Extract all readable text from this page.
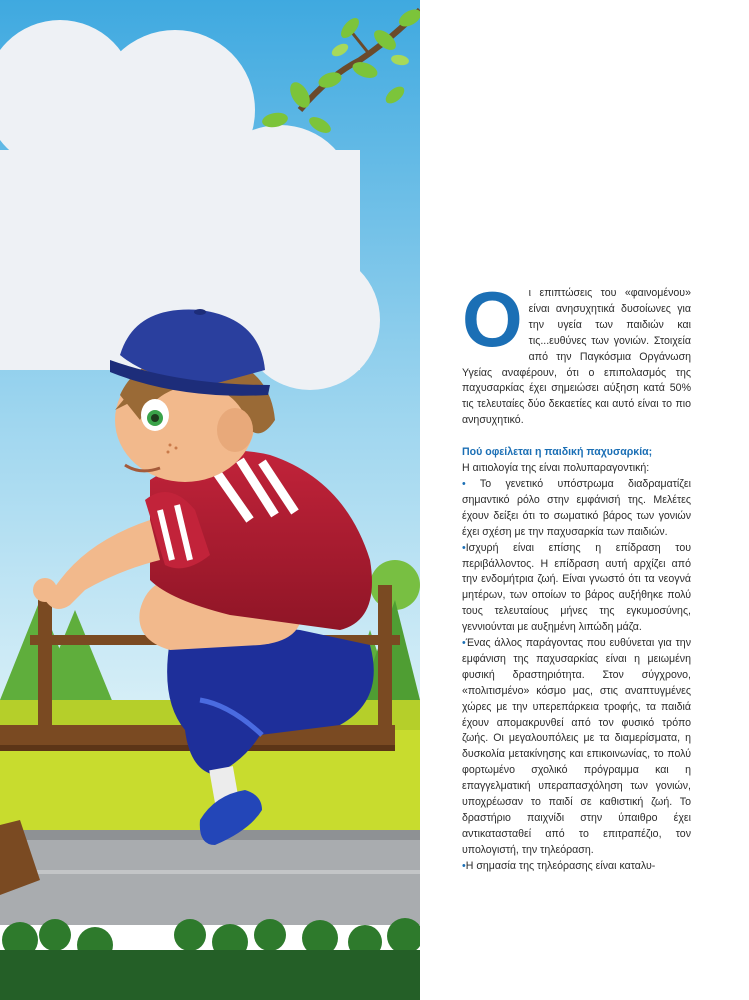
Ο ι επιπτώσεις του «φαινομένου» είναι ανησυχητικά δυσοίωνες για την υγεία των παιδιών και τις...ευθύνες των γονιών. Στοιχεία από την Παγκόσμια Οργάνωση Υγείας αναφέρουν, ότι ο επιπολασμός της παχυσαρκίας έχει σημειώσει αύξηση κατά 50% τις τελευταίες δύο δεκαετίες και αυτό είναι το πιο ανησυχητικό.

Πού οφείλεται η παιδική παχυσαρκία;

Η αιτιολογία της είναι πολυπαραγοντική:

• Το γενετικό υπόστρωμα διαδραματίζει σημαντικό ρόλο στην εμφάνισή της. Μελέτες έχουν δείξει ότι το σωματικό βάρος των γονιών έχει σχέση με την παχυσαρκία των παιδιών.

•Ισχυρή είναι επίσης η επίδραση του περιβάλλοντος. Η επίδραση αυτή αρχίζει από την ενδομήτρια ζωή. Είναι γνωστό ότι τα νεογνά μητέρων, των οποίων το βάρος αυξήθηκε πολύ τους τελευταίους μήνες της εγκυμοσύνης, γεννιούνται με αυξημένη λιπώδη μάζα.

•Ένας άλλος παράγοντας που ευθύνεται για την εμφάνιση της παχυσαρκίας είναι η μειωμένη φυσική δραστηριότητα. Στον σύγχρονο, «πολιτισμένο» κόσμο μας, στις αναπτυγμένες χώρες με την υπερεπάρκεια τροφής, τα παιδιά έχουν απομακρυνθεί από τον φυσικό τρόπο ζωής. Οι μεγαλουπόλεις με τα διαμερίσματα, η δυσκολία μετακίνησης και επικοινωνίας, το πολύ φορτωμένο σχολικό πρόγραμμα και η επαγγελματική υπεραπασχόληση των γονιών, υποχρέωσαν το παιδί σε καθιστική ζωή. Το δραστήριο παιχνίδι στην ύπαιθρο έχει αντικατασταθεί από το επιτραπέζιο, τον υπολογιστή, την τηλεόραση.

•Η σημασία της τηλεόρασης είναι καταλυ-
